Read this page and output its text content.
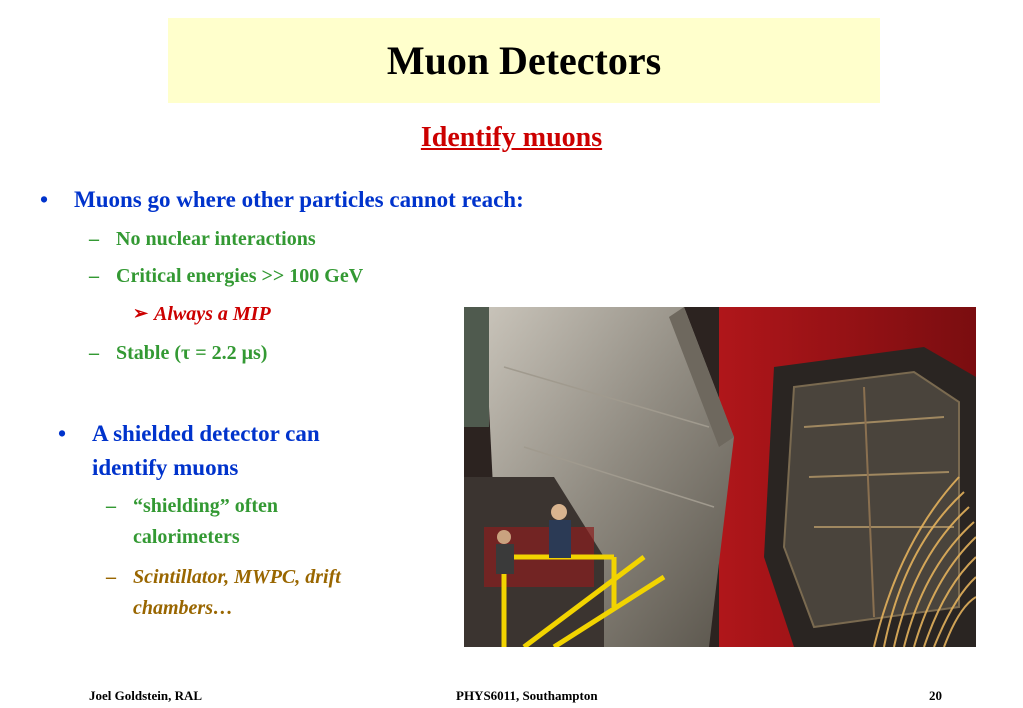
Muon Detectors
Identify muons
• Muons go where other particles cannot reach:
– No nuclear interactions
– Critical energies >> 100 GeV
➢ Always a MIP
– Stable (τ = 2.2 μs)
• A shielded detector can
identify muons
– “shielding” often
calorimeters
– Scintillator, MWPC, drift
chambers…
Joel Goldstein, RAL	PHYS6011, Southampton	20
